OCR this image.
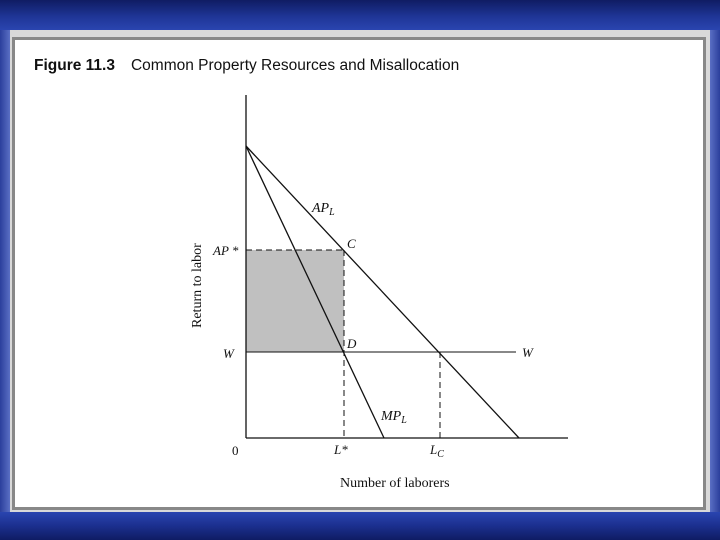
Figure 11.3 Common Property Resources and Misallocation
Return to labor
Number of laborers
0
AP *
W	W
$AP_L$
$MP_L$
C
D
L*	$L_C$
